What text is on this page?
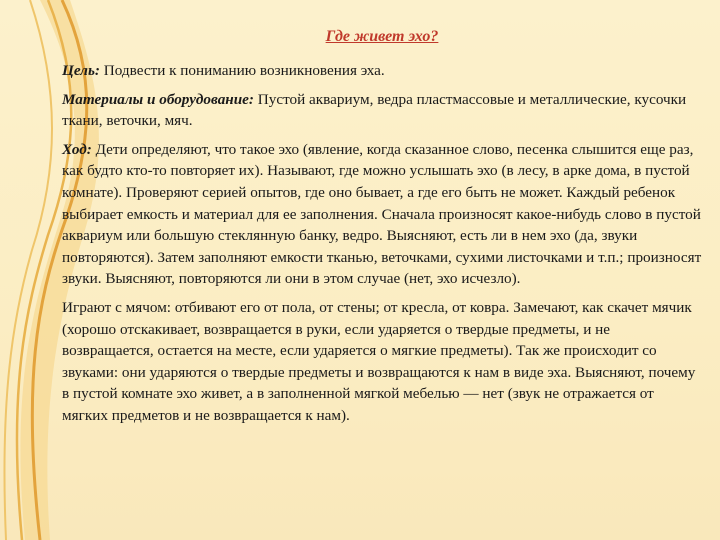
Где живет эхо?

Цель: Подвести к пониманию возникновения эха.

Материалы и оборудование: Пустой аквариум, ведра пластмассовые и металлические, кусочки ткани, веточки, мяч.

Ход: Дети определяют, что такое эхо (явление, когда сказанное слово, песенка слышится еще раз, как будто кто-то повторяет их). Называют, где можно услышать эхо (в лесу, в арке дома, в пустой комнате). Проверяют серией опытов, где оно бывает, а где его быть не может. Каждый ребенок выбирает емкость и материал для ее заполнения. Сначала произносят какое-нибудь слово в пустой аквариум или большую стеклянную банку, ведро. Выясняют, есть ли в нем эхо (да, звуки повторяются). Затем заполняют емкости тканью, веточками, сухими листочками и т.п.; произносят звуки. Выясняют, повторяются ли они в этом случае (нет, эхо исчезло).

Играют с мячом: отбивают его от пола, от стены; от кресла, от ковра. Замечают, как скачет мячик (хорошо отскакивает, возвращается в руки, если ударяется о твердые предметы, и не возвращается, остается на месте, если ударяется о мягкие предметы). Так же происходит со звуками: они ударяются о твердые предметы и возвращаются к нам в виде эха. Выясняют, почему в пустой комнате эхо живет, а в заполненной мягкой мебелью — нет (звук не отражается от мягких предметов и не возвращается к нам).
